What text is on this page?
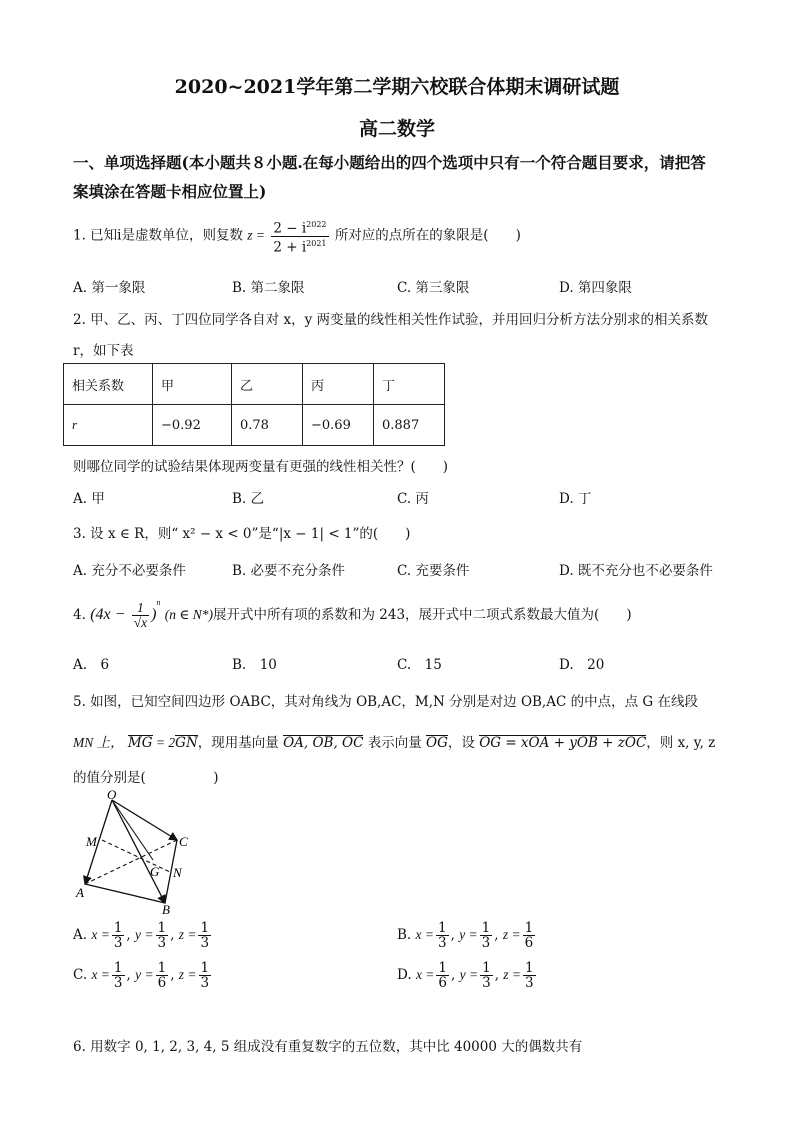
2020~2021学年第二学期六校联合体期末调研试题
高二数学
一、单项选择题(本小题共８小题.在每小题给出的四个选项中只有一个符合题目要求，请把答
案填涂在答题卡相应位置上)
1. 已知i是虚数单位，则复数 $z = \frac{2 - i^{2022}}{2 + i^{2021}}$ 所对应的点所在的象限是(　　)
A. 第一象限	B. 第二象限	C. 第三象限	D. 第四象限
2. 甲、乙、丙、丁四位同学各自对 x，y 两变量的线性相关性作试验，并用回归分析方法分别求的相关系数
r，如下表
相关系数	甲	乙	丙	丁
r	−0.92	0.78	−0.69	0.887
则哪位同学的试验结果体现两变量有更强的线性相关性？(　　)
A. 甲	B. 乙	C. 丙	D. 丁
3. 设 x ∈ R，则“ x² − x < 0”是“|x − 1| < 1”的(　　)
A. 充分不必要条件	B. 必要不充分条件	C. 充要条件	D. 既不充分也不必要条件
4. $(4x - \frac{1}{√x} )^n$ (n ∈ N*)展开式中所有项的系数和为 243，展开式中二项式系数最大值为(　　)
A.　6	B.　10	C.　15	D.　20
5. 如图，已知空间四边形 OABC，其对角线为 OB,AC，M,N 分别是对边 OB,AC 的中点，点 G 在线段
MN 上， MG = 2GN，现用基向量 OA, OB, OC 表示向量 OG，设 OG = xOA + yOB + zOC，则 x, y, z
的值分别是(　　　　　)
O
M	C
G N
A
B
A. $x = \frac{1}{3}$ , $y = \frac{1}{3}$ , $z = \frac{1}{3}$	B. $x = \frac{1}{3}$ , $y = \frac{1}{3}$ , $z = \frac{1}{6}$
C. $x = \frac{1}{3}$ , $y = \frac{1}{6}$ , $z = \frac{1}{3}$	D. $x = \frac{1}{6}$ , $y = \frac{1}{3}$ , $z = \frac{1}{3}$
6. 用数字 0, 1, 2, 3, 4, 5 组成没有重复数字的五位数，其中比 40000 大的偶数共有
